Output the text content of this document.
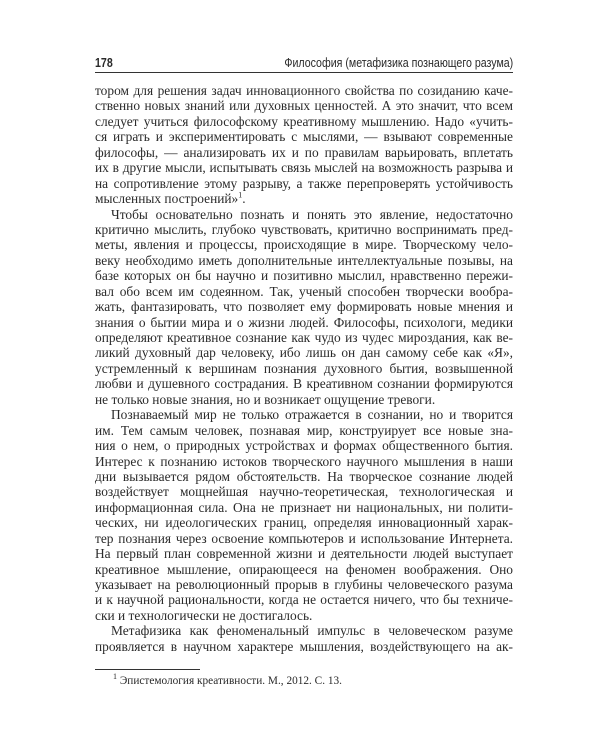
178	Философия (метафизика познающего разума)
тором для решения задач инновационного свойства по созиданию каче-
ственно новых знаний или духовных ценностей. А это значит, что всем
следует учиться философскому креативному мышлению. Надо «учить-
ся играть и экспериментировать с мыслями, — взывают современные
философы, — анализировать их и по правилам варьировать, вплетать
их в другие мысли, испытывать связь мыслей на возможность разрыва и
на сопротивление этому разрыву, а также перепроверять устойчивость
мысленных построений»$^1$.
Чтобы основательно познать и понять это явление, недостаточно
критично мыслить, глубоко чувствовать, критично воспринимать пред-
меты, явления и процессы, происходящие в мире. Творческому чело-
веку необходимо иметь дополнительные интеллектуальные позывы, на
базе которых он бы научно и позитивно мыслил, нравственно пережи-
вал обо всем им содеянном. Так, ученый способен творчески вообра-
жать, фантазировать, что позволяет ему формировать новые мнения и
знания о бытии мира и о жизни людей. Философы, психологи, медики
определяют креативное сознание как чудо из чудес мироздания, как ве-
ликий духовный дар человеку, ибо лишь он дан самому себе как «Я»,
устремленный к вершинам познания духовного бытия, возвышенной
любви и душевного сострадания. В креативном сознании формируются
не только новые знания, но и возникает ощущение тревоги.
Познаваемый мир не только отражается в сознании, но и творится
им. Тем самым человек, познавая мир, конструирует все новые зна-
ния о нем, о природных устройствах и формах общественного бытия.
Интерес к познанию истоков творческого научного мышления в наши
дни вызывается рядом обстоятельств. На творческое сознание людей
воздействует мощнейшая научно-теоретическая, технологическая и
информационная сила. Она не признает ни национальных, ни полити-
ческих, ни идеологических границ, определяя инновационный харак-
тер познания через освоение компьютеров и использование Интернета.
На первый план современной жизни и деятельности людей выступает
креативное мышление, опирающееся на феномен воображения. Оно
указывает на революционный прорыв в глубины человеческого разума
и к научной рациональности, когда не остается ничего, что бы техниче-
ски и технологически не достигалось.
Метафизика как феноменальный импульс в человеческом разуме
проявляется в научном характере мышления, воздействующего на ак-
$^1$ Эпистемология креативности. М., 2012. С. 13.
